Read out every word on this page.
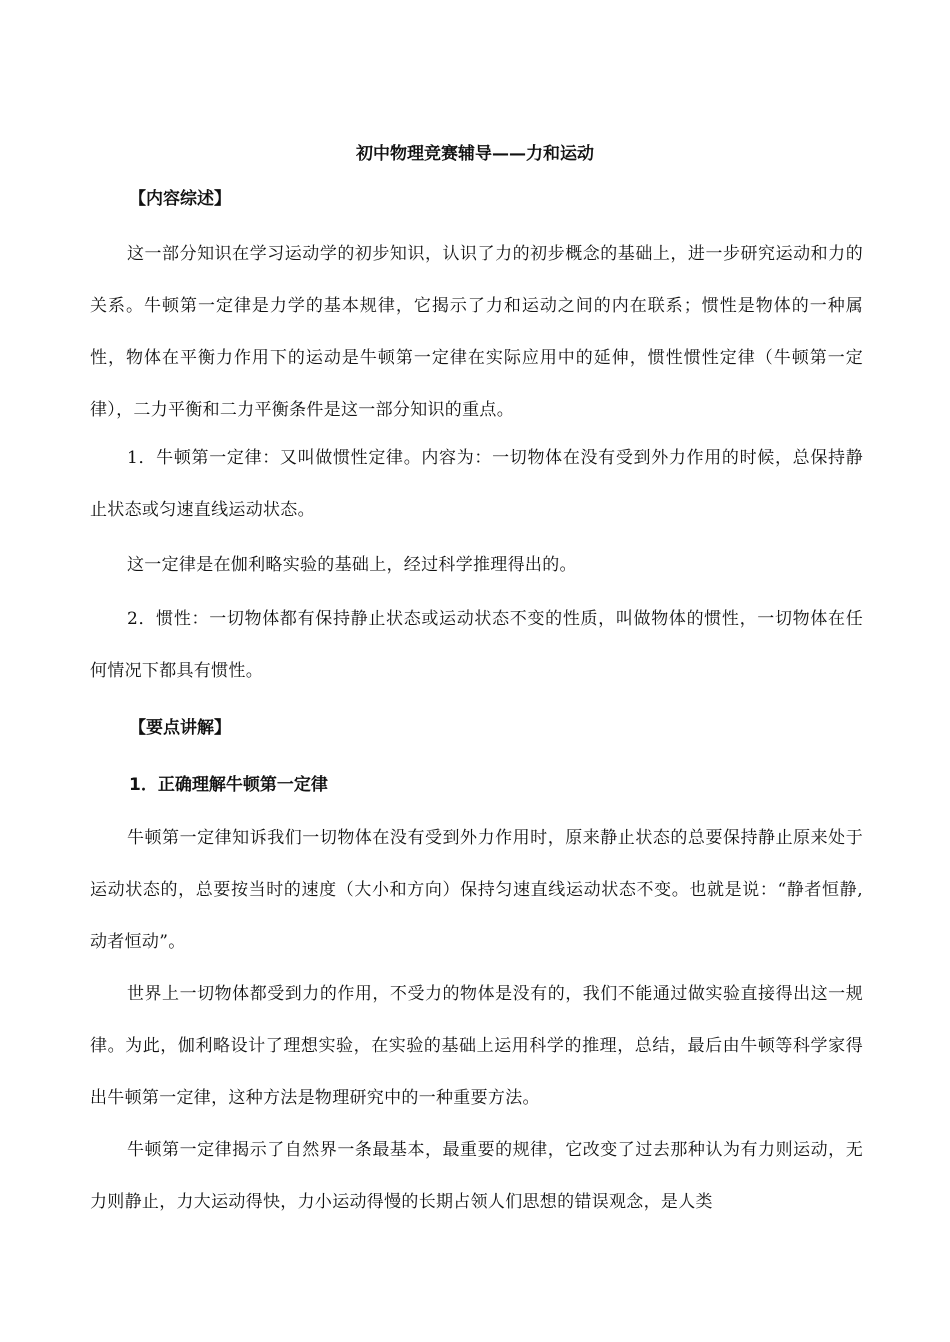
初中物理竞赛辅导——力和运动
【内容综述】

这一部分知识在学习运动学的初步知识，认识了力的初步概念的基础上，进一步研究运动和力的关系。牛顿第一定律是力学的基本规律，它揭示了力和运动之间的内在联系；惯性是物体的一种属性，物体在平衡力作用下的运动是牛顿第一定律在实际应用中的延伸，惯性惯性定律（牛顿第一定律），二力平衡和二力平衡条件是这一部分知识的重点。

1．牛顿第一定律：又叫做惯性定律。内容为：一切物体在没有受到外力作用的时候，总保持静止状态或匀速直线运动状态。

这一定律是在伽利略实验的基础上，经过科学推理得出的。

2．惯性：一切物体都有保持静止状态或运动状态不变的性质，叫做物体的惯性，一切物体在任何情况下都具有惯性。

【要点讲解】
1．正确理解牛顿第一定律

牛顿第一定律知诉我们一切物体在没有受到外力作用时，原来静止状态的总要保持静止原来处于运动状态的，总要按当时的速度（大小和方向）保持匀速直线运动状态不变。也就是说：“静者恒静,动者恒动”。

世界上一切物体都受到力的作用，不受力的物体是没有的，我们不能通过做实验直接得出这一规律。为此，伽利略设计了理想实验，在实验的基础上运用科学的推理，总结，最后由牛顿等科学家得出牛顿第一定律，这种方法是物理研究中的一种重要方法。

牛顿第一定律揭示了自然界一条最基本，最重要的规律，它改变了过去那种认为有力则运动，无力则静止，力大运动得快，力小运动得慢的长期占领人们思想的错误观念，是人类
